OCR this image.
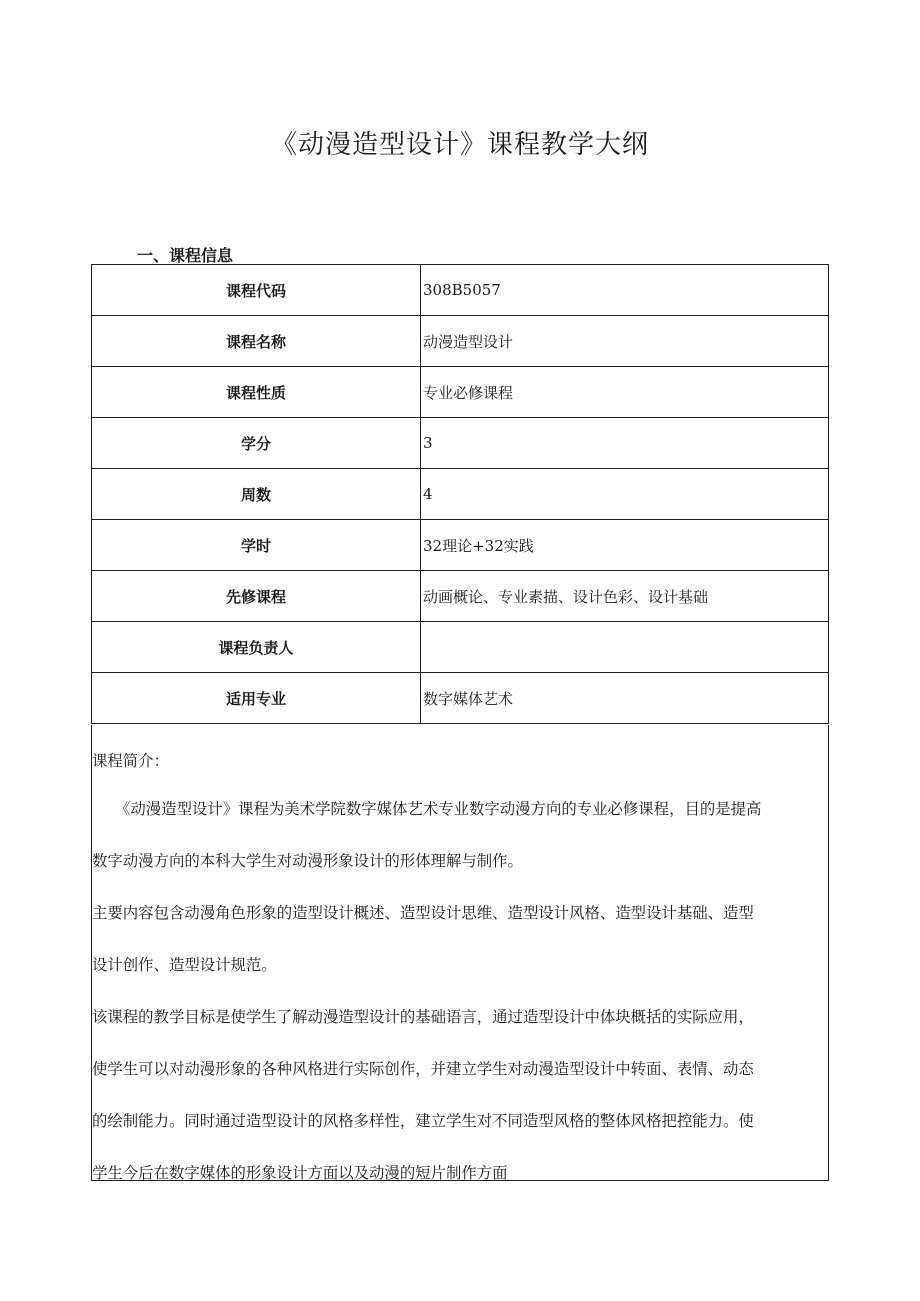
《动漫造型设计》课程教学大纲
一、课程信息
课程代码	308B5057
课程名称	动漫造型设计
课程性质	专业必修课程
学分	3
周数	4
学时	32理论+32实践
先修课程	动画概论、专业素描、设计色彩、设计基础
课程负责人	
适用专业	数字媒体艺术

课程简介：

《动漫造型设计》课程为美术学院数字媒体艺术专业数字动漫方向的专业必修课程，目的是提高

数字动漫方向的本科大学生对动漫形象设计的形体理解与制作。

主要内容包含动漫角色形象的造型设计概述、造型设计思维、造型设计风格、造型设计基础、造型

设计创作、造型设计规范。

该课程的教学目标是使学生了解动漫造型设计的基础语言，通过造型设计中体块概括的实际应用，

使学生可以对动漫形象的各种风格进行实际创作，并建立学生对动漫造型设计中转面、表情、动态

的绘制能力。同时通过造型设计的风格多样性，建立学生对不同造型风格的整体风格把控能力。使

学生今后在数字媒体的形象设计方面以及动漫的短片制作方面
